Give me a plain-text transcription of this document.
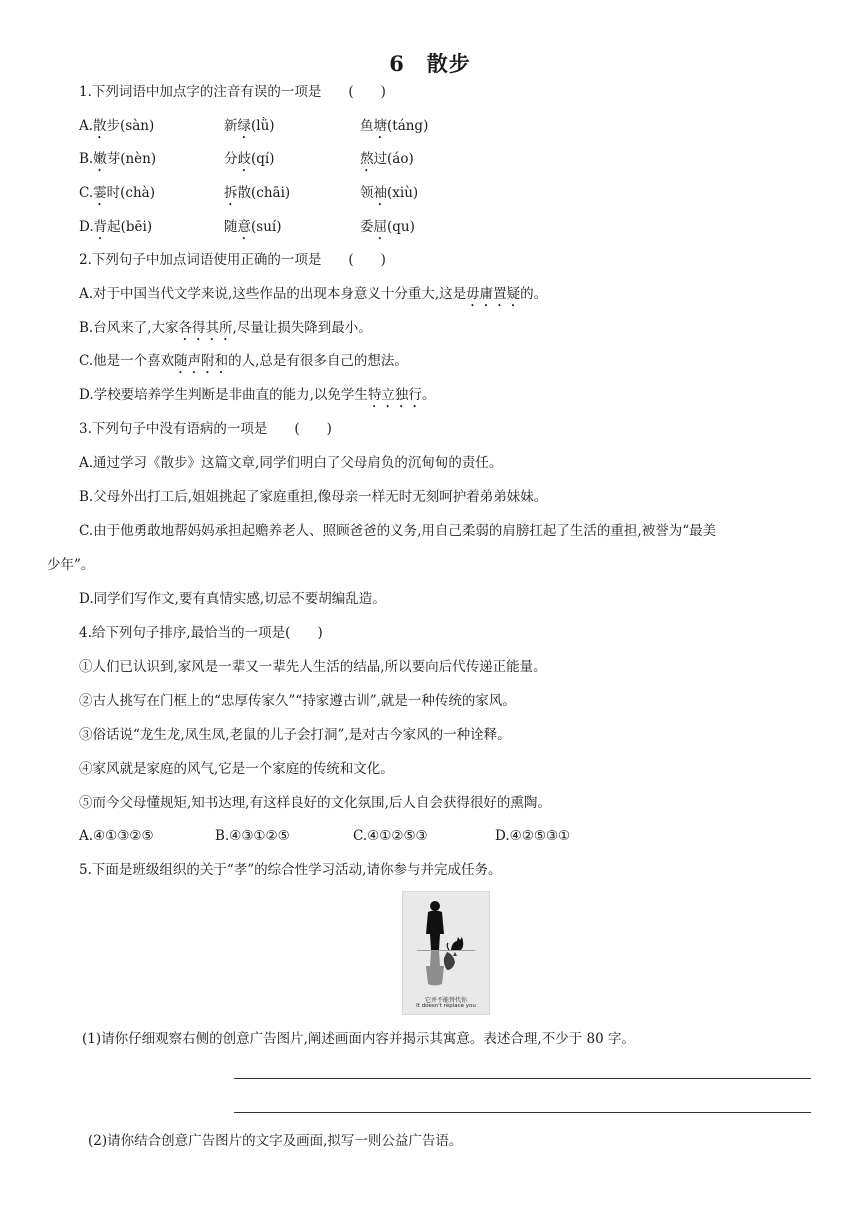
6　散步
1.下列词语中加点字的注音有误的一项是　　(　　)
A.散步(sàn)	新绿(lǜ)	鱼塘(táng)
B.嫩芽(nèn)	分歧(qí)	熬过(áo)
C.霎时(chà)	拆散(chāi)	领袖(xiù)
D.背起(bēi)	随意(suí)	委屈(qu)
2.下列句子中加点词语使用正确的一项是　　(　　)
A.对于中国当代文学来说,这些作品的出现本身意义十分重大,这是毋庸置疑的。
B.台风来了,大家各得其所,尽量让损失降到最小。
C.他是一个喜欢随声附和的人,总是有很多自己的想法。
D.学校要培养学生判断是非曲直的能力,以免学生特立独行。
3.下列句子中没有语病的一项是　　(　　)
A.通过学习《散步》这篇文章,同学们明白了父母肩负的沉甸甸的责任。
B.父母外出打工后,姐姐挑起了家庭重担,像母亲一样无时无刻呵护着弟弟妹妹。
C.由于他勇敢地帮妈妈承担起赡养老人、照顾爸爸的义务,用自己柔弱的肩膀扛起了生活的重担,被誉为“最美
少年”。
D.同学们写作文,要有真情实感,切忌不要胡编乱造。
4.给下列句子排序,最恰当的一项是(　　)
①人们已认识到,家风是一辈又一辈先人生活的结晶,所以要向后代传递正能量。
②古人挑写在门框上的“忠厚传家久”“持家遵古训”,就是一种传统的家风。
③俗话说“龙生龙,凤生凤,老鼠的儿子会打洞”,是对古今家风的一种诠释。
④家风就是家庭的风气,它是一个家庭的传统和文化。
⑤而今父母懂规矩,知书达理,有这样良好的文化氛围,后人自会获得很好的熏陶。
A.④①③②⑤	B.④③①②⑤	C.④①②⑤③	D.④②⑤③①
5.下面是班级组织的关于“孝”的综合性学习活动,请你参与并完成任务。
它并不能替代你
It doesn't replace you
(1)请你仔细观察右侧的创意广告图片,阐述画面内容并揭示其寓意。表述合理,不少于 80 字。
(2)请你结合创意广告图片的文字及画面,拟写一则公益广告语。
